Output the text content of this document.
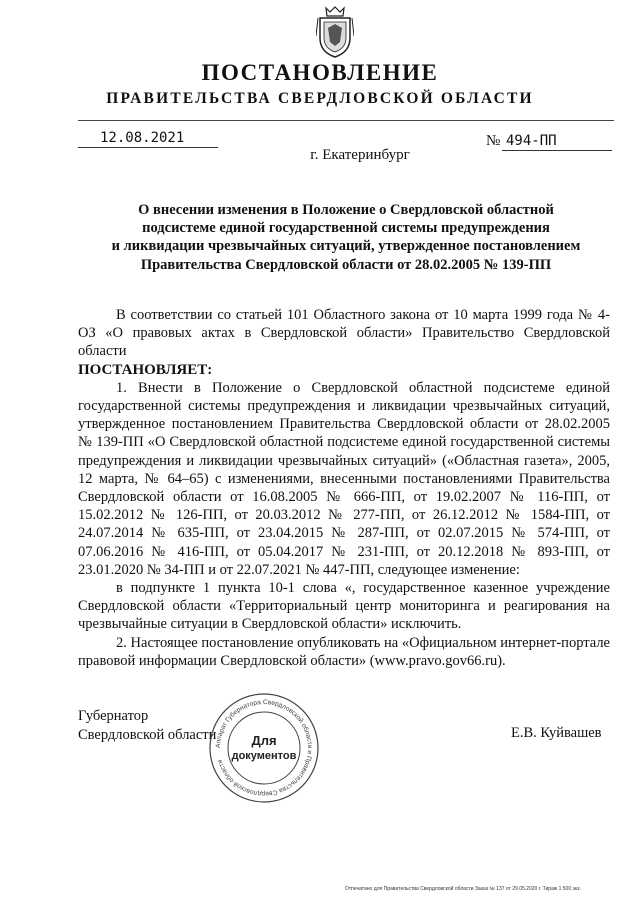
ПОСТАНОВЛЕНИЕ
ПРАВИТЕЛЬСТВА СВЕРДЛОВСКОЙ ОБЛАСТИ
12.08.2021	№ 494-ПП
г. Екатеринбург
О внесении изменения в Положение о Свердловской областной
подсистеме единой государственной системы предупреждения
и ликвидации чрезвычайных ситуаций, утвержденное постановлением
Правительства Свердловской области от 28.02.2005 № 139-ПП

В соответствии со статьей 101 Областного закона от 10 марта 1999 года № 4-ОЗ «О правовых актах в Свердловской области» Правительство Свердловской области

ПОСТАНОВЛЯЕТ:

1. Внести в Положение о Свердловской областной подсистеме единой государственной системы предупреждения и ликвидации чрезвычайных ситуаций, утвержденное постановлением Правительства Свердловской области от 28.02.2005 № 139-ПП «О Свердловской областной подсистеме единой государственной системы предупреждения и ликвидации чрезвычайных ситуаций» («Областная газета», 2005, 12 марта, № 64–65) с изменениями, внесенными постановлениями Правительства Свердловской области от 16.08.2005 № 666-ПП, от 19.02.2007 № 116-ПП, от 15.02.2012 № 126-ПП, от 20.03.2012 № 277-ПП, от 26.12.2012 № 1584-ПП, от 24.07.2014 № 635-ПП, от 23.04.2015 № 287-ПП, от 02.07.2015 № 574-ПП, от 07.06.2016 № 416-ПП, от 05.04.2017 № 231-ПП, от 20.12.2018 № 893-ПП, от 23.01.2020 № 34-ПП и от 22.07.2021 № 447-ПП, следующее изменение:

в подпункте 1 пункта 10-1 слова «, государственное казенное учреждение Свердловской области «Территориальный центр мониторинга и реагирования на чрезвычайные ситуации в Свердловской области» исключить.

2. Настоящее постановление опубликовать на «Официальном интернет-портале правовой информации Свердловской области» (www.pravo.gov66.ru).

Губернатор
Свердловской области
Аппарат Губернатора Свердловской области и Правительства Свердловской области
Для
документов
Е.В. Куйвашев
Отпечатано для Правительства Свердловской области Заказ № 137 от 29.05.2020 г. Тираж 1 500 экз.
